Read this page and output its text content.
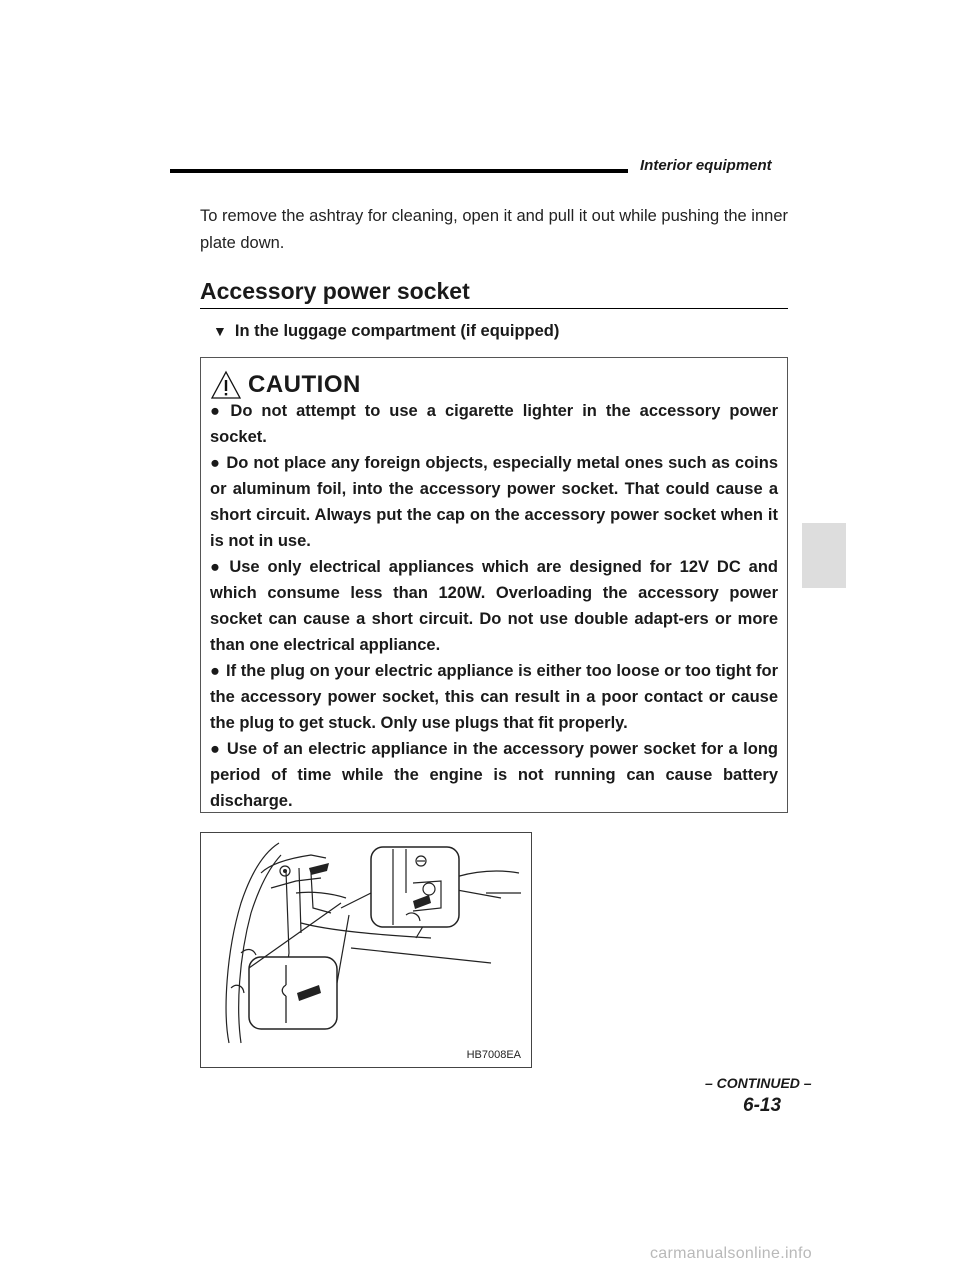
Interior equipment
To remove the ashtray for cleaning, open it and pull it out while pushing the inner plate down.
Accessory power socket
▼ In the luggage compartment (if equipped)
CAUTION

● Do not attempt to use a cigarette lighter in the accessory power socket.

● Do not place any foreign objects, especially metal ones such as coins or aluminum foil, into the accessory power socket. That could cause a short circuit. Always put the cap on the accessory power socket when it is not in use.

● Use only electrical appliances which are designed for 12V DC and which consume less than 120W. Overloading the accessory power socket can cause a short circuit. Do not use double adapt-ers or more than one electrical appliance.

● If the plug on your electric appliance is either too loose or too tight for the accessory power socket, this can result in a poor contact or cause the plug to get stuck. Only use plugs that fit properly.

● Use of an electric appliance in the accessory power socket for a long period of time while the engine is not running can cause battery discharge.

HB7008EA
– CONTINUED –
6-13
carmanualsonline.info
